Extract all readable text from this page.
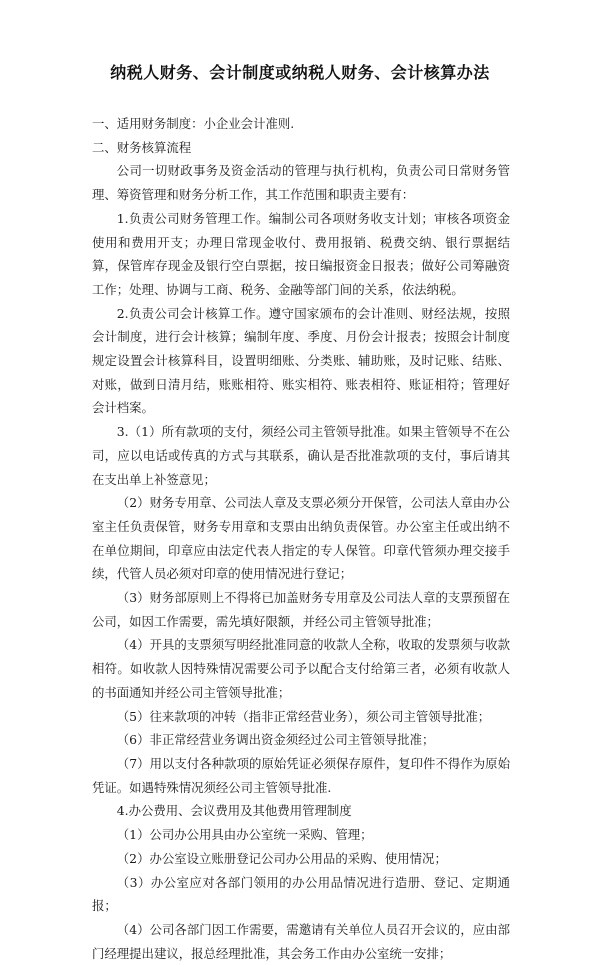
纳税人财务、会计制度或纳税人财务、会计核算办法

一、适用财务制度：小企业会计准则.

二、财务核算流程

公司一切财政事务及资金活动的管理与执行机构，负责公司日常财务管理、筹资管理和财务分析工作，其工作范围和职责主要有：

1.负责公司财务管理工作。编制公司各项财务收支计划；审核各项资金使用和费用开支；办理日常现金收付、费用报销、税费交纳、银行票据结算，保管库存现金及银行空白票据，按日编报资金日报表；做好公司筹融资工作；处理、协调与工商、税务、金融等部门间的关系，依法纳税。

2.负责公司会计核算工作。遵守国家颁布的会计准则、财经法规，按照会计制度，进行会计核算；编制年度、季度、月份会计报表；按照会计制度规定设置会计核算科目，设置明细账、分类账、辅助账，及时记账、结账、对账，做到日清月结，账账相符、账实相符、账表相符、账证相符；管理好会计档案。

3.（1）所有款项的支付，须经公司主管领导批准。如果主管领导不在公司，应以电话或传真的方式与其联系，确认是否批准款项的支付，事后请其在支出单上补签意见；

（2）财务专用章、公司法人章及支票必须分开保管，公司法人章由办公室主任负责保管，财务专用章和支票由出纳负责保管。办公室主任或出纳不在单位期间，印章应由法定代表人指定的专人保管。印章代管须办理交接手续，代管人员必须对印章的使用情况进行登记；

（3）财务部原则上不得将已加盖财务专用章及公司法人章的支票预留在公司，如因工作需要，需先填好限额，并经公司主管领导批准；

（4）开具的支票须写明经批准同意的收款人全称，收取的发票须与收款相符。如收款人因特殊情况需要公司予以配合支付给第三者，必须有收款人的书面通知并经公司主管领导批准；

（5）往来款项的冲转（指非正常经营业务），须公司主管领导批准；

（6）非正常经营业务调出资金须经过公司主管领导批准；

（7）用以支付各种款项的原始凭证必须保存原件，复印件不得作为原始凭证。如遇特殊情况须经公司主管领导批准.

4.办公费用、会议费用及其他费用管理制度

（1）公司办公用具由办公室统一采购、管理；

（2）办公室设立账册登记公司办公用品的采购、使用情况；

（3）办公室应对各部门领用的办公用品情况进行造册、登记、定期通报；

（4）公司各部门因工作需要，需邀请有关单位人员召开会议的，应由部门经理提出建议，报总经理批准，其会务工作由办公室统一安排；
